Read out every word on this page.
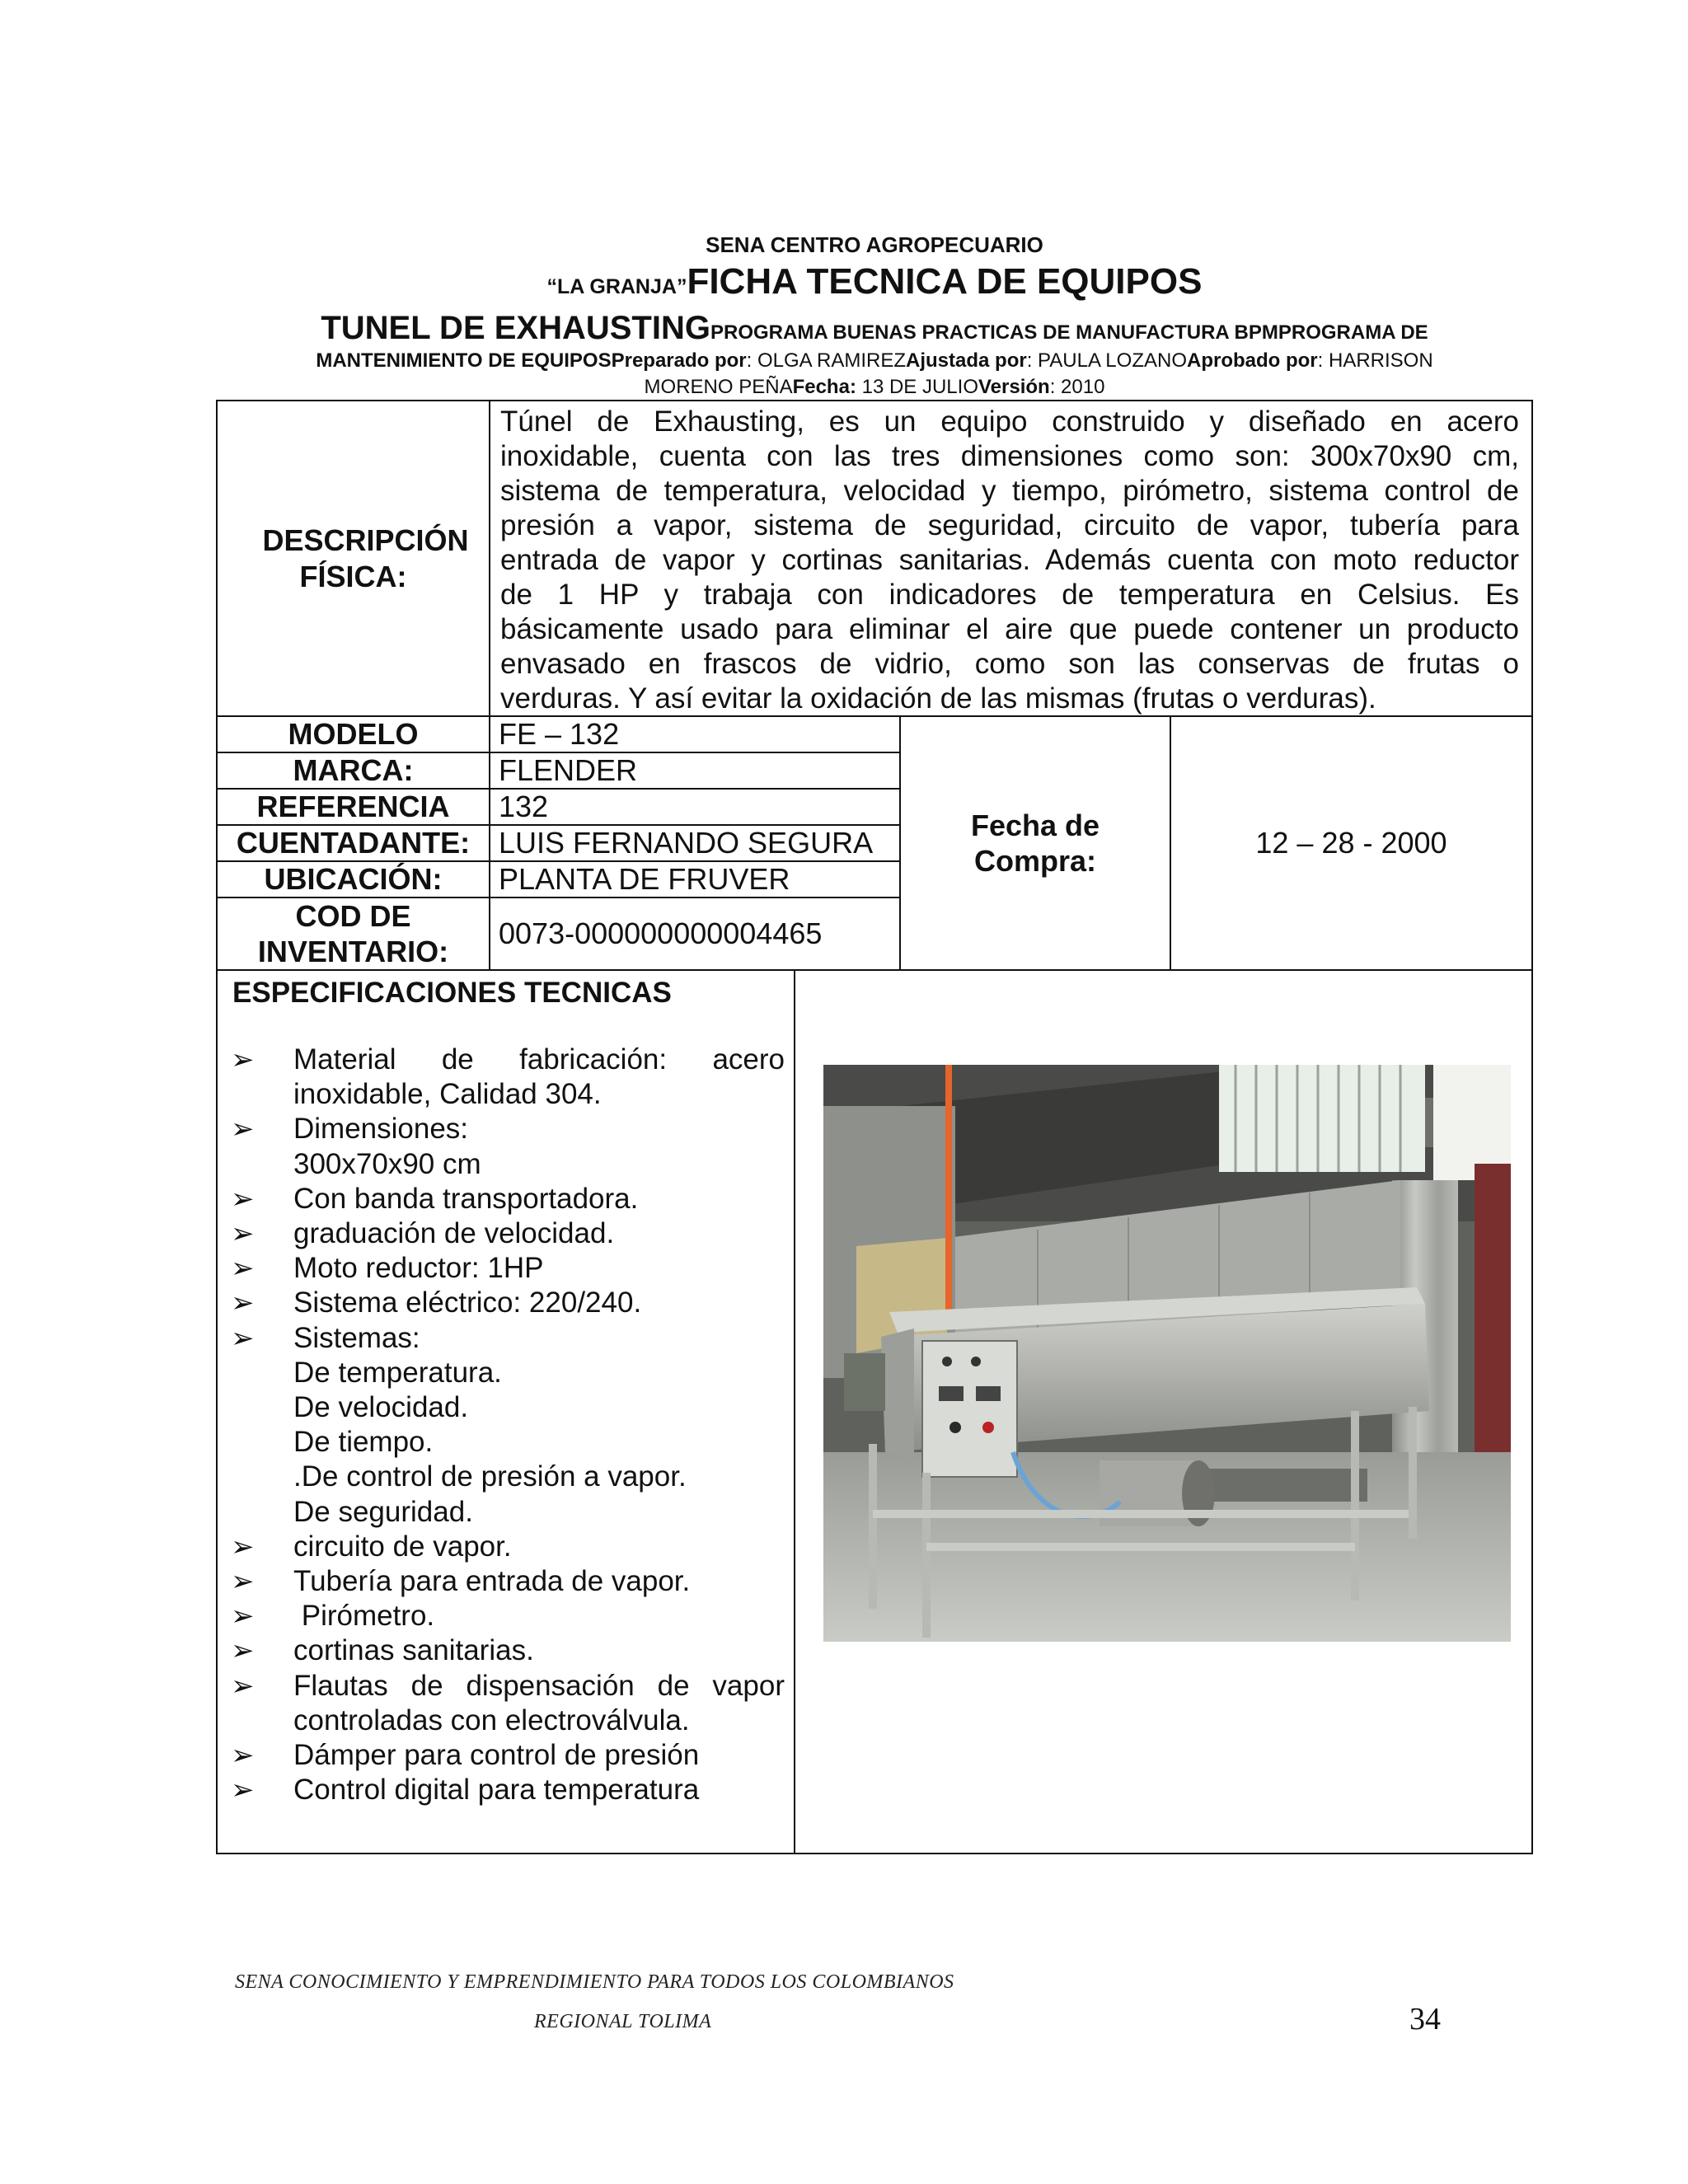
SENA CENTRO AGROPECUARIO
“LA GRANJA”FICHA TECNICA DE EQUIPOS
TUNEL DE EXHAUSTINGPROGRAMA BUENAS PRACTICAS DE MANUFACTURA BPMPROGRAMA DE
MANTENIMIENTO DE EQUIPOSPreparado por: OLGA RAMIREZAjustada por: PAULA LOZANOAprobado por: HARRISON
MORENO PEÑAFecha: 13 DE JULIOVersión: 2010
DESCRIPCIÓN FÍSICA:
Túnel de Exhausting, es un equipo construido y diseñado en acero
inoxidable, cuenta con las tres dimensiones como son: 300x70x90 cm,
sistema de temperatura, velocidad y tiempo, pirómetro, sistema control de
presión a vapor, sistema de seguridad, circuito de vapor, tubería para
entrada de vapor y cortinas sanitarias. Además cuenta con moto reductor
de 1 HP y trabaja con indicadores de temperatura en Celsius. Es
básicamente usado para eliminar el aire que puede contener un producto
envasado en frascos de vidrio, como son las conservas de frutas o
verduras. Y así evitar la oxidación de las mismas (frutas o verduras).
MODELO	FE – 132
MARCA:	FLENDER
REFERENCIA 132
CUENTADANTE: LUIS FERNANDO SEGURA
UBICACIÓN: PLANTA DE FRUVER
COD DE INVENTARIO:
0073-000000000004465
Fecha de Compra:
12 – 28 - 2000
ESPECIFICACIONES TECNICAS
➢ Material de fabricación: acero
inoxidable, Calidad 304.
➢ Dimensiones:
300x70x90 cm
➢ Con banda transportadora.
➢ graduación de velocidad.
➢ Moto reductor: 1HP
➢ Sistema eléctrico: 220/240.
➢ Sistemas:
De temperatura.
De velocidad.
De tiempo.
.De control de presión a vapor.
De seguridad.
➢ circuito de vapor.
➢ Tubería para entrada de vapor.
➢ Pirómetro.
➢ cortinas sanitarias.
➢ Flautas de dispensación de vapor
controladas con electroválvula.
➢ Dámper para control de presión
➢ Control digital para temperatura
SENA CONOCIMIENTO Y EMPRENDIMIENTO PARA TODOS LOS COLOMBIANOS
REGIONAL TOLIMA	34
